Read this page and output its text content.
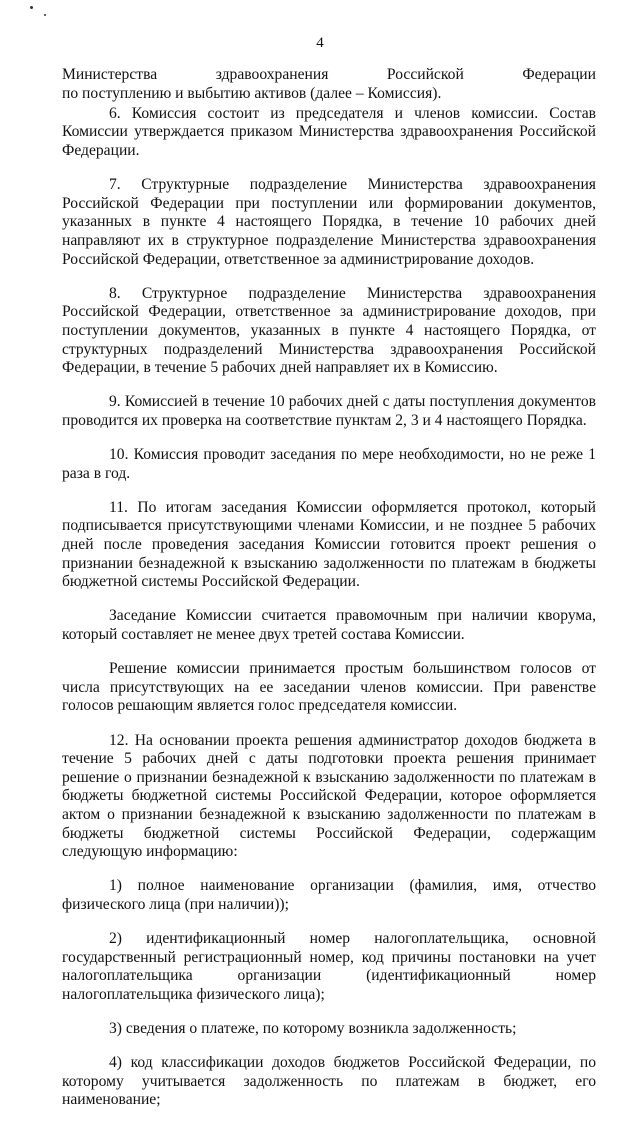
4

Министерства здравоохранения Российской Федерации

по поступлению и выбытию активов (далее – Комиссия).

6. Комиссия состоит из председателя и членов комиссии. Состав Комиссии утверждается приказом Министерства здравоохранения Российской Федерации.

7. Структурные подразделение Министерства здравоохранения Российской Федерации при поступлении или формировании документов, указанных в пункте 4 настоящего Порядка, в течение 10 рабочих дней направляют их в структурное подразделение Министерства здравоохранения Российской Федерации, ответственное за администрирование доходов.

8. Структурное подразделение Министерства здравоохранения Российской Федерации, ответственное за администрирование доходов, при поступлении документов, указанных в пункте 4 настоящего Порядка, от структурных подразделений Министерства здравоохранения Российской Федерации, в течение 5 рабочих дней направляет их в Комиссию.

9. Комиссией в течение 10 рабочих дней с даты поступления документов проводится их проверка на соответствие пунктам 2, 3 и 4 настоящего Порядка.

10. Комиссия проводит заседания по мере необходимости, но не реже 1 раза в год.

11. По итогам заседания Комиссии оформляется протокол, который подписывается присутствующими членами Комиссии, и не позднее 5 рабочих дней после проведения заседания Комиссии готовится проект решения о признании безнадежной к взысканию задолженности по платежам в бюджеты бюджетной системы Российской Федерации.

Заседание Комиссии считается правомочным при наличии кворума, который составляет не менее двух третей состава Комиссии.

Решение комиссии принимается простым большинством голосов от числа присутствующих на ее заседании членов комиссии. При равенстве голосов решающим является голос председателя комиссии.

12. На основании проекта решения администратор доходов бюджета в течение 5 рабочих дней с даты подготовки проекта решения принимает решение о признании безнадежной к взысканию задолженности по платежам в бюджеты бюджетной системы Российской Федерации, которое оформляется актом о признании безнадежной к взысканию задолженности по платежам в бюджеты бюджетной системы Российской Федерации, содержащим следующую информацию:

1) полное наименование организации (фамилия, имя, отчество физического лица (при наличии));

2) идентификационный номер налогоплательщика, основной государственный регистрационный номер, код причины постановки на учет налогоплательщика организации (идентификационный номер налогоплательщика физического лица);

3) сведения о платеже, по которому возникла задолженность;

4) код классификации доходов бюджетов Российской Федерации, по которому учитывается задолженность по платежам в бюджет, его наименование;
